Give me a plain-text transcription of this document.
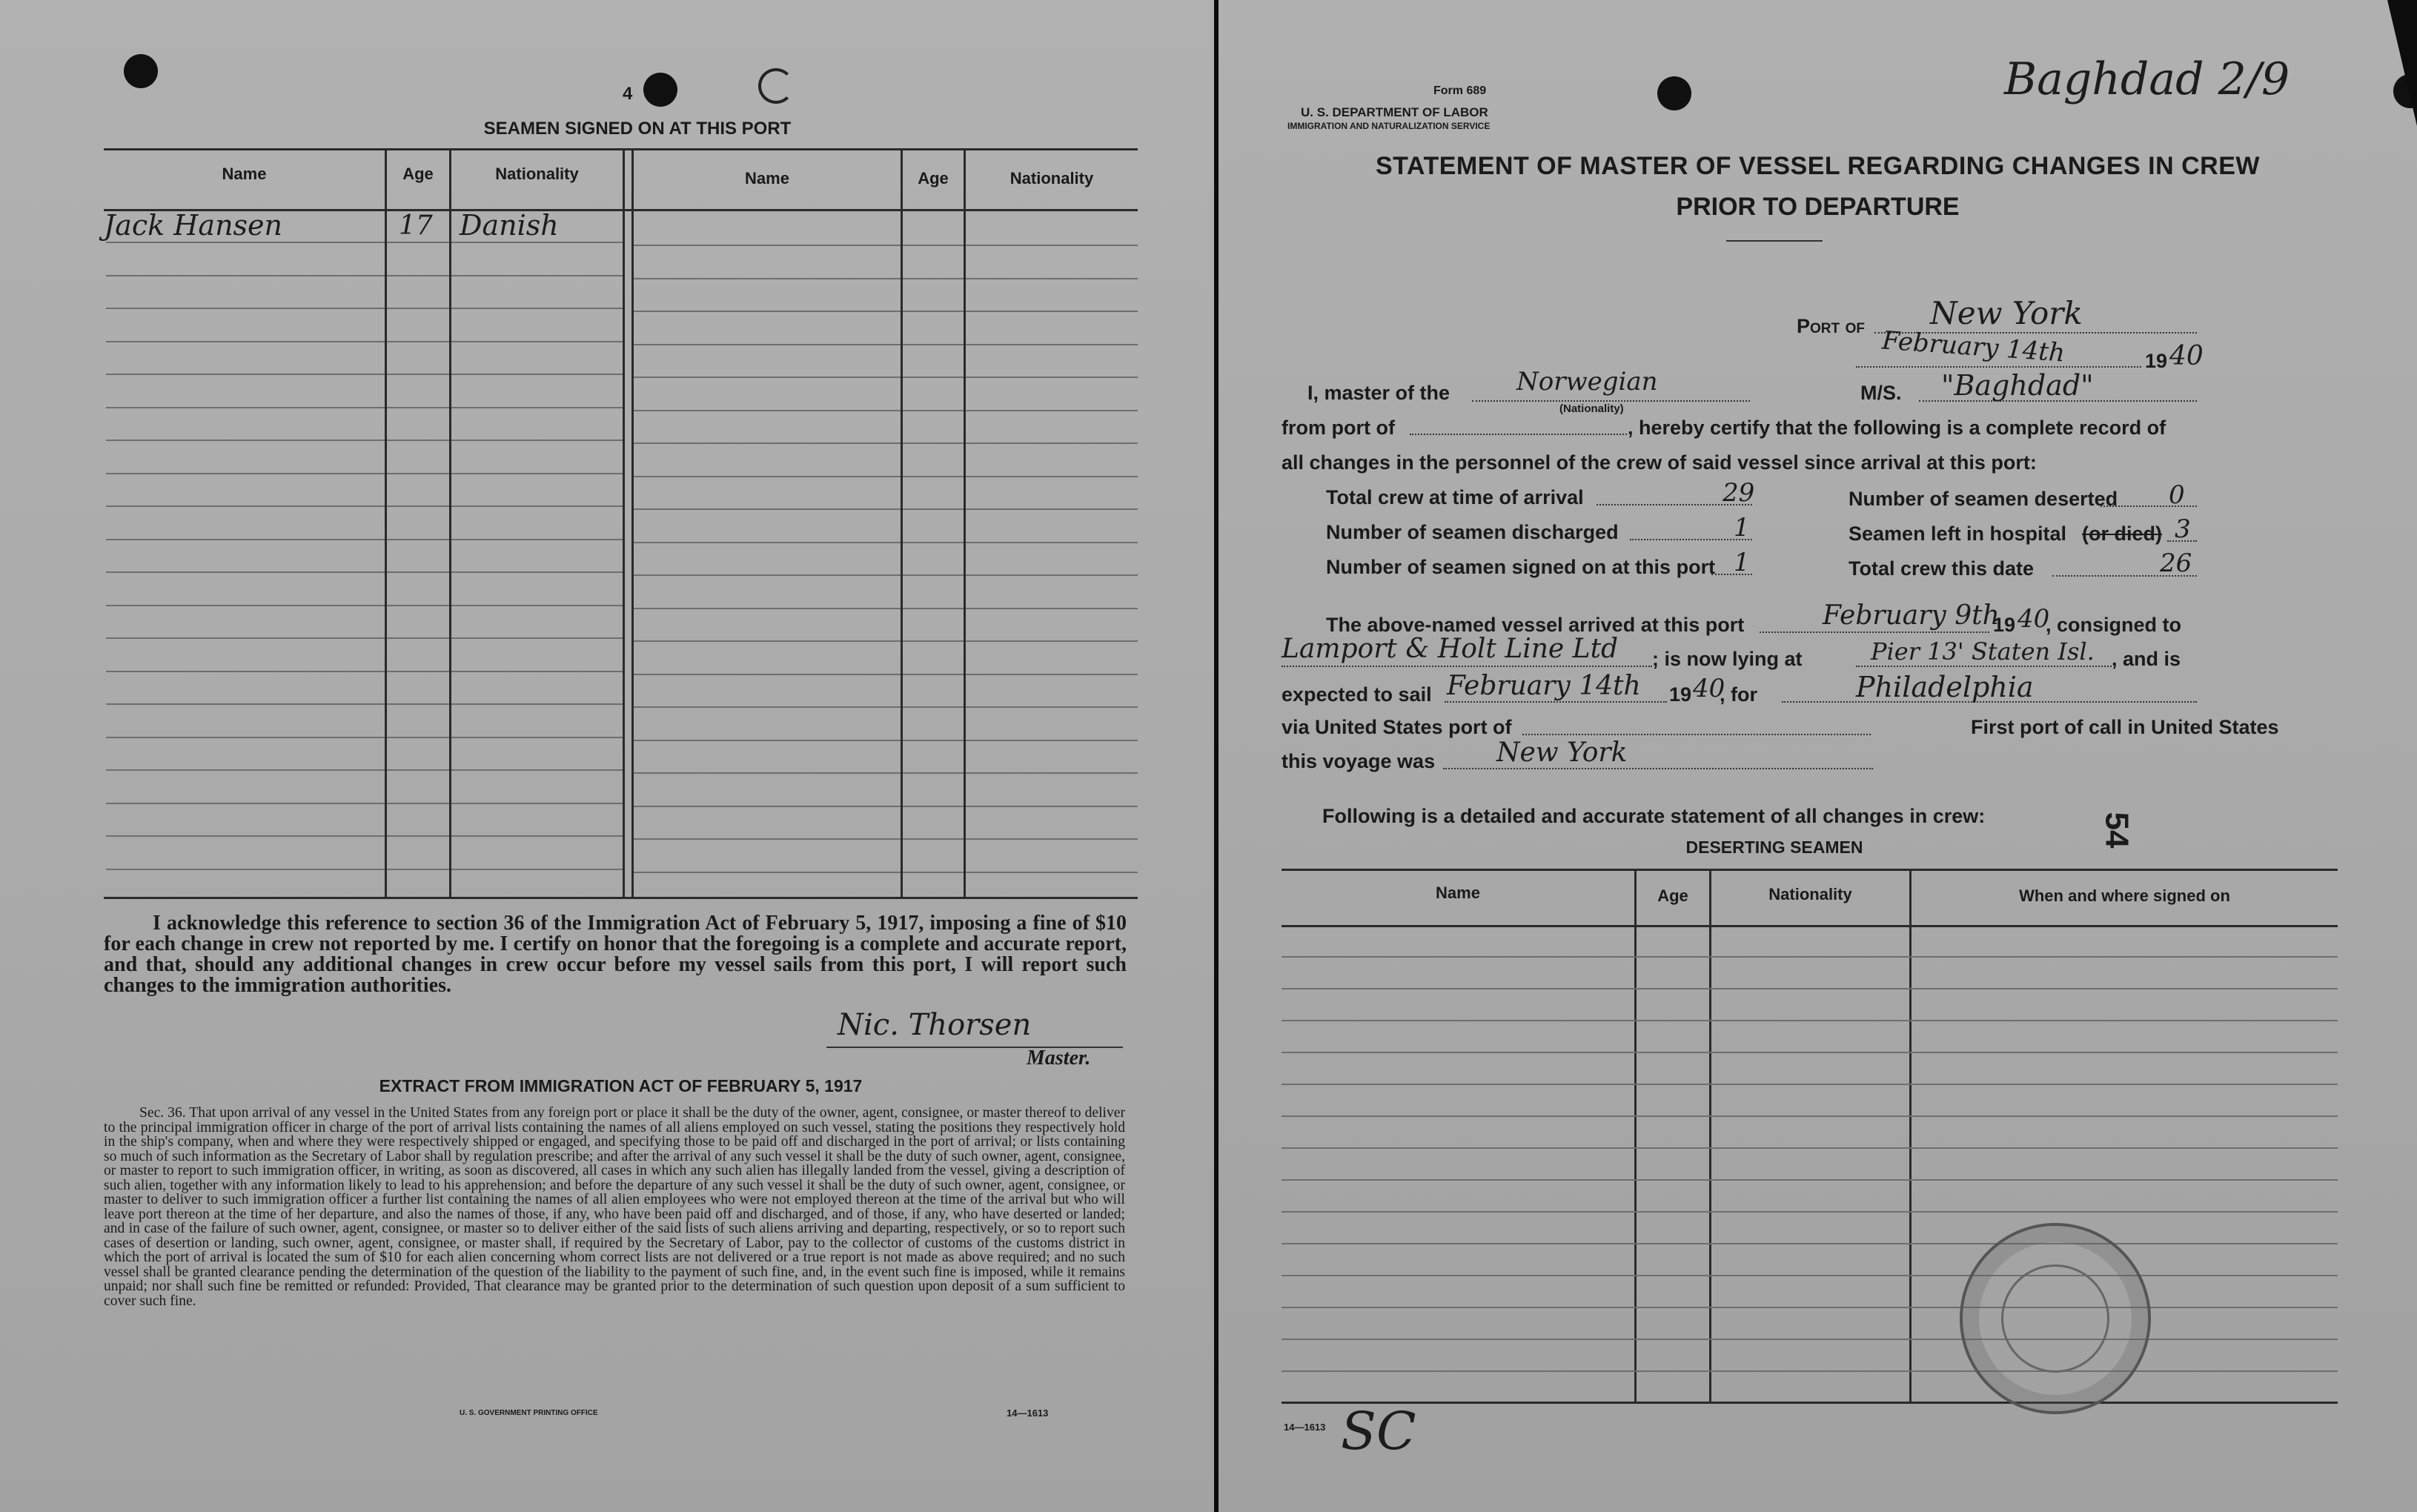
4
SEAMEN SIGNED ON AT THIS PORT
Name	Age	Nationality	Name	Age	Nationality
Jack Hansen	17 Danish
I acknowledge this reference to section 36 of the Immigration Act of February 5, 1917, imposing a fine of $10 for each change in crew not reported by me. I certify on honor that the foregoing is a complete and accurate report, and that, should any additional changes in crew occur before my vessel sails from this port, I will report such changes to the immigration authorities.
Nic. Thorsen
Master.
EXTRACT FROM IMMIGRATION ACT OF FEBRUARY 5, 1917
Sec. 36. That upon arrival of any vessel in the United States from any foreign port or place it shall be the duty of the owner, agent, consignee, or master thereof to deliver to the principal immigration officer in charge of the port of arrival lists containing the names of all aliens employed on such vessel, stating the positions they respectively hold in the ship's company, when and where they were respectively shipped or engaged, and specifying those to be paid off and discharged in the port of arrival; or lists containing so much of such information as the Secretary of Labor shall by regulation prescribe; and after the arrival of any such vessel it shall be the duty of such owner, agent, consignee, or master to report to such immigration officer, in writing, as soon as discovered, all cases in which any such alien has illegally landed from the vessel, giving a description of such alien, together with any information likely to lead to his apprehension; and before the departure of any such vessel it shall be the duty of such owner, agent, consignee, or master to deliver to such immigration officer a further list containing the names of all alien employees who were not employed thereon at the time of the arrival but who will leave port thereon at the time of her departure, and also the names of those, if any, who have been paid off and discharged, and of those, if any, who have deserted or landed; and in case of the failure of such owner, agent, consignee, or master so to deliver either of the said lists of such aliens arriving and departing, respectively, or so to report such cases of desertion or landing, such owner, agent, consignee, or master shall, if required by the Secretary of Labor, pay to the collector of customs of the customs district in which the port of arrival is located the sum of $10 for each alien concerning whom correct lists are not delivered or a true report is not made as above required; and no such vessel shall be granted clearance pending the determination of the question of the liability to the payment of such fine, and, in the event such fine is imposed, while it remains unpaid; nor shall such fine be remitted or refunded: Provided, That clearance may be granted prior to the determination of such question upon deposit of a sum sufficient to cover such fine.
U. S. GOVERNMENT PRINTING OFFICE	14—1613
Baghdad 2/9
Form 689
U. S. DEPARTMENT OF LABOR
IMMIGRATION AND NATURALIZATION SERVICE
STATEMENT OF MASTER OF VESSEL REGARDING CHANGES IN CREW
PRIOR TO DEPARTURE
Port of New York
February 14th	19 40
I, master of the	Norwegian
(Nationality)
M/S. "Baghdad"
from port of	, hereby certify that the following is a complete record of
all changes in the personnel of the crew of said vessel since arrival at this port:
Total crew at time of arrival	29
Number of seamen discharged	1
Number of seamen signed on at this port 1
Number of seamen deserted 0
Seamen left in hospital (or died) 3
Total crew this date	26
The above-named vessel arrived at this port	February 9th
19 40
, consigned to
Lamport & Holt Line Ltd ; is now lying at	Pier 13' Staten Isl. , and is
expected to sail February 14th 19 40
, for	Philadelphia
via United States port of	First port of call in United States
this voyage was New York
Following is a detailed and accurate statement of all changes in crew:	54
DESERTING SEAMEN
Name	Age	Nationality	When and where signed on
14—1613 SC
